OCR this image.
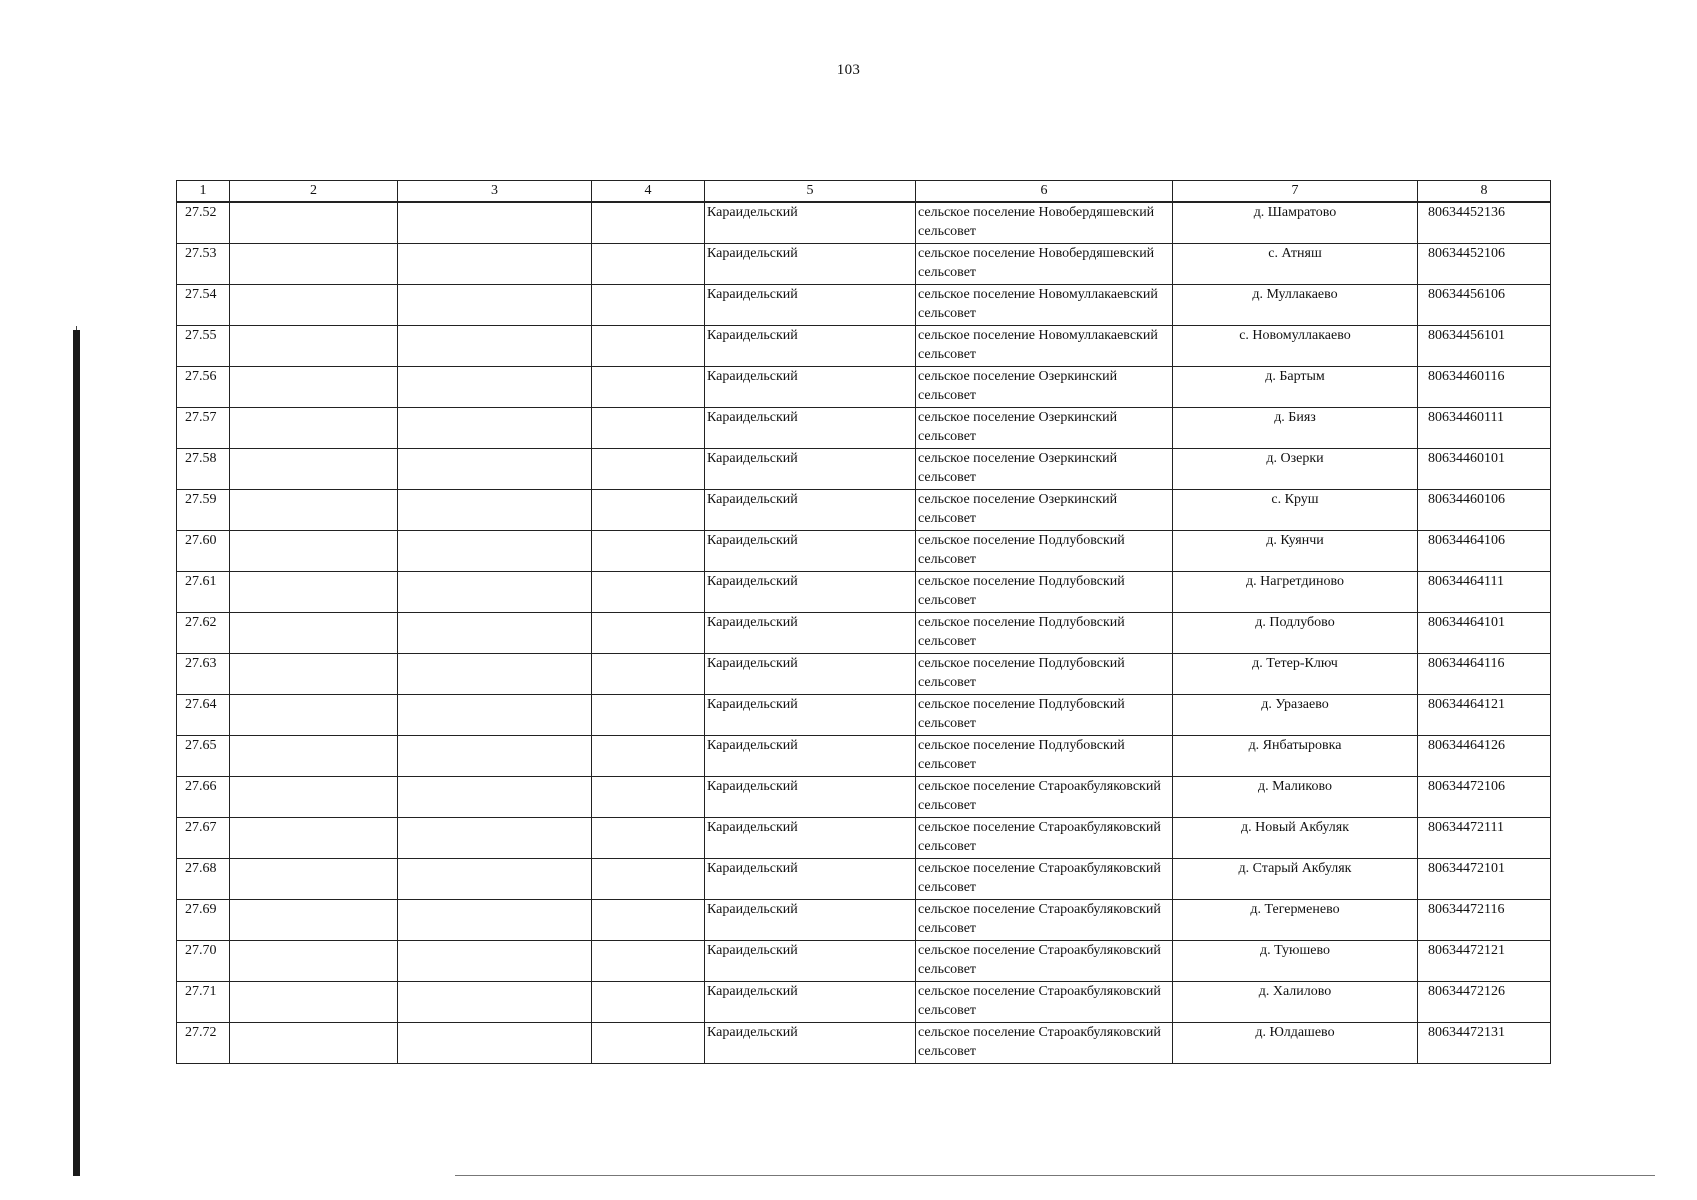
103
1	2	3	4	5	6	7	8
27.52				Караидельский	сельское поселение Новобердяшевский сельсовет	д. Шамратово	80634452136
27.53				Караидельский	сельское поселение Новобердяшевский сельсовет	с. Атняш	80634452106
27.54				Караидельский	сельское поселение Новомуллакаевский сельсовет	д. Муллакаево	80634456106
27.55				Караидельский	сельское поселение Новомуллакаевский сельсовет	с. Новомуллакаево	80634456101
27.56				Караидельский	сельское поселение Озеркинский сельсовет	д. Бартым	80634460116
27.57				Караидельский	сельское поселение Озеркинский сельсовет	д. Бияз	80634460111
27.58				Караидельский	сельское поселение Озеркинский сельсовет	д. Озерки	80634460101
27.59				Караидельский	сельское поселение Озеркинский сельсовет	с. Круш	80634460106
27.60				Караидельский	сельское поселение Подлубовский сельсовет	д. Куянчи	80634464106
27.61				Караидельский	сельское поселение Подлубовский сельсовет	д. Нагретдиново	80634464111
27.62				Караидельский	сельское поселение Подлубовский сельсовет	д. Подлубово	80634464101
27.63				Караидельский	сельское поселение Подлубовский сельсовет	д. Тетер-Ключ	80634464116
27.64				Караидельский	сельское поселение Подлубовский сельсовет	д. Уразаево	80634464121
27.65				Караидельский	сельское поселение Подлубовский сельсовет	д. Янбатыровка	80634464126
27.66				Караидельский	сельское поселение Староакбуляковский сельсовет	д. Маликово	80634472106
27.67				Караидельский	сельское поселение Староакбуляковский сельсовет	д. Новый Акбуляк	80634472111
27.68				Караидельский	сельское поселение Староакбуляковский сельсовет	д. Старый Акбуляк	80634472101
27.69				Караидельский	сельское поселение Староакбуляковский сельсовет	д. Тегерменево	80634472116
27.70				Караидельский	сельское поселение Староакбуляковский сельсовет	д. Туюшево	80634472121
27.71				Караидельский	сельское поселение Староакбуляковский сельсовет	д. Халилово	80634472126
27.72				Караидельский	сельское поселение Староакбуляковский сельсовет	д. Юлдашево	80634472131
